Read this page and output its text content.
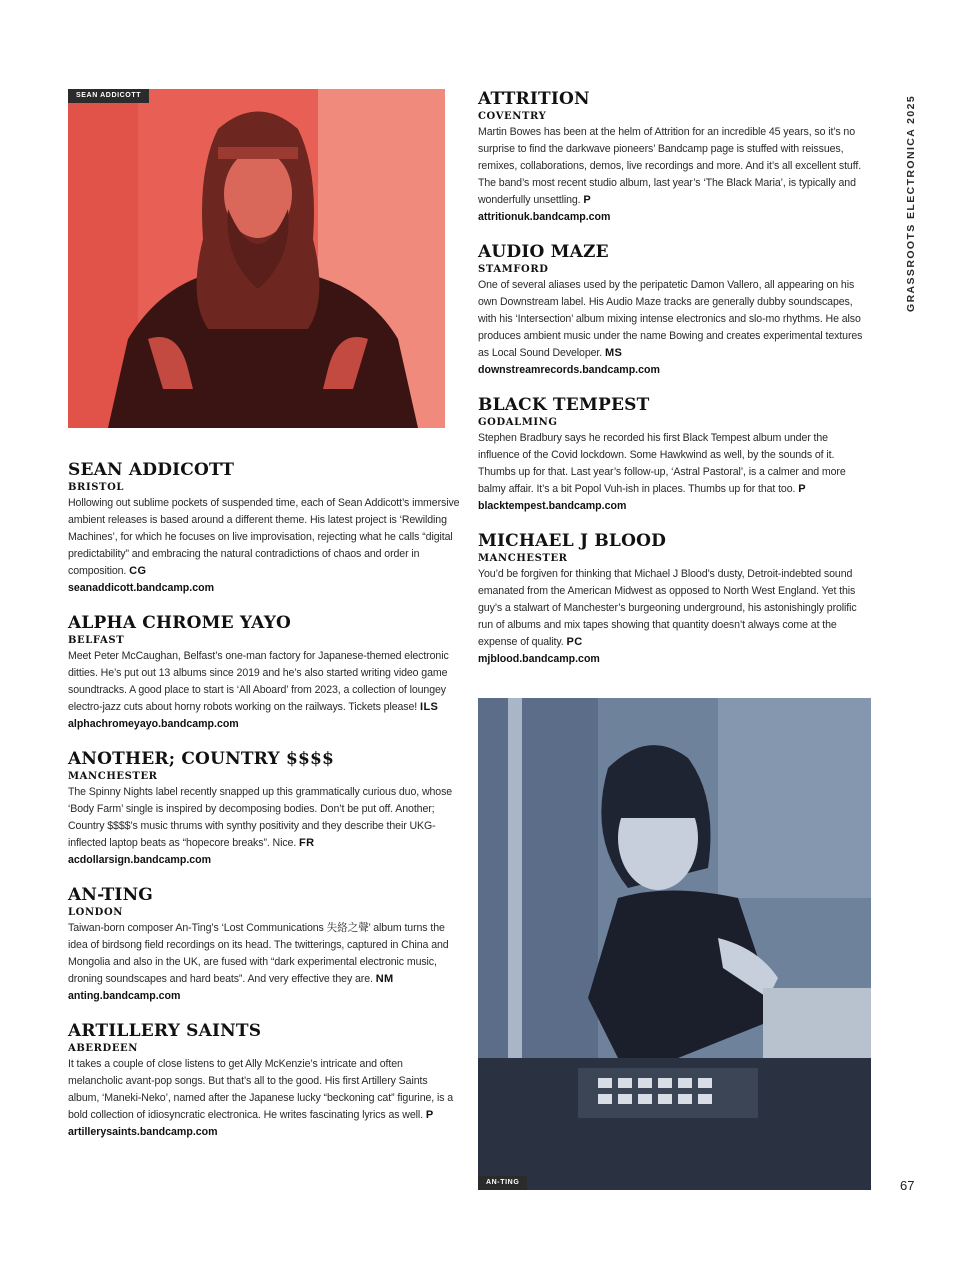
SEAN ADDICOTT
AN-TING
SEAN ADDICOTT
BRISTOL
Hollowing out sublime pockets of suspended time, each of Sean Addicott’s immersive ambient releases is based around a different theme. His latest project is ‘Rewilding Machines’, for which he focuses on live improvisation, rejecting what he calls “digital predictability” and embracing the natural contradictions of chaos and order in composition. CG
seanaddicott.bandcamp.com
ALPHA CHROME YAYO
BELFAST
Meet Peter McCaughan, Belfast’s one-man factory for Japanese-themed electronic ditties. He’s put out 13 albums since 2019 and he’s also started writing video game soundtracks. A good place to start is ‘All Aboard’ from 2023, a collection of loungey electro-jazz cuts about horny robots working on the railways. Tickets please! ILS
alphachromeyayo.bandcamp.com
ANOTHER; COUNTRY $$$$
MANCHESTER
The Spinny Nights label recently snapped up this grammatically curious duo, whose ‘Body Farm’ single is inspired by decomposing bodies. Don’t be put off. Another; Country $$$$’s music thrums with synthy positivity and they describe their UKG-inflected laptop beats as “hopecore breaks”. Nice. FR
acdollarsign.bandcamp.com
AN-TING
LONDON
Taiwan-born composer An-Ting’s ‘Lost Communications 失絡之聲’ album turns the idea of birdsong field recordings on its head. The twitterings, captured in China and Mongolia and also in the UK, are fused with “dark experimental electronic music, droning soundscapes and hard beats”. And very effective they are. NM
anting.bandcamp.com
ARTILLERY SAINTS
ABERDEEN
It takes a couple of close listens to get Ally McKenzie’s intricate and often melancholic avant-pop songs. But that’s all to the good. His first Artillery Saints album, ‘Maneki-Neko’, named after the Japanese lucky “beckoning cat” figurine, is a bold collection of idiosyncratic electronica. He writes fascinating lyrics as well. P
artillerysaints.bandcamp.com
ATTRITION
COVENTRY
Martin Bowes has been at the helm of Attrition for an incredible 45 years, so it’s no surprise to find the darkwave pioneers’ Bandcamp page is stuffed with reissues, remixes, collaborations, demos, live recordings and more. And it’s all excellent stuff. The band’s most recent studio album, last year’s ‘The Black Maria’, is typically and wonderfully unsettling. P
attritionuk.bandcamp.com
AUDIO MAZE
STAMFORD
One of several aliases used by the peripatetic Damon Vallero, all appearing on his own Downstream label. His Audio Maze tracks are generally dubby soundscapes, with his ‘Intersection’ album mixing intense electronics and slo-mo rhythms. He also produces ambient music under the name Bowing and creates experimental textures as Local Sound Developer. MS
downstreamrecords.bandcamp.com
BLACK TEMPEST
GODALMING
Stephen Bradbury says he recorded his first Black Tempest album under the influence of the Covid lockdown. Some Hawkwind as well, by the sounds of it. Thumbs up for that. Last year’s follow-up, ‘Astral Pastoral’, is a calmer and more balmy affair. It’s a bit Popol Vuh-ish in places. Thumbs up for that too. P
blacktempest.bandcamp.com
MICHAEL J BLOOD
MANCHESTER
You’d be forgiven for thinking that Michael J Blood’s dusty, Detroit-indebted sound emanated from the American Midwest as opposed to North West England. Yet this guy’s a stalwart of Manchester’s burgeoning underground, his astonishingly prolific run of albums and mix tapes showing that quantity doesn’t always come at the expense of quality. PC
mjblood.bandcamp.com
GRASSROOTS ELECTRONICA 2025
67
